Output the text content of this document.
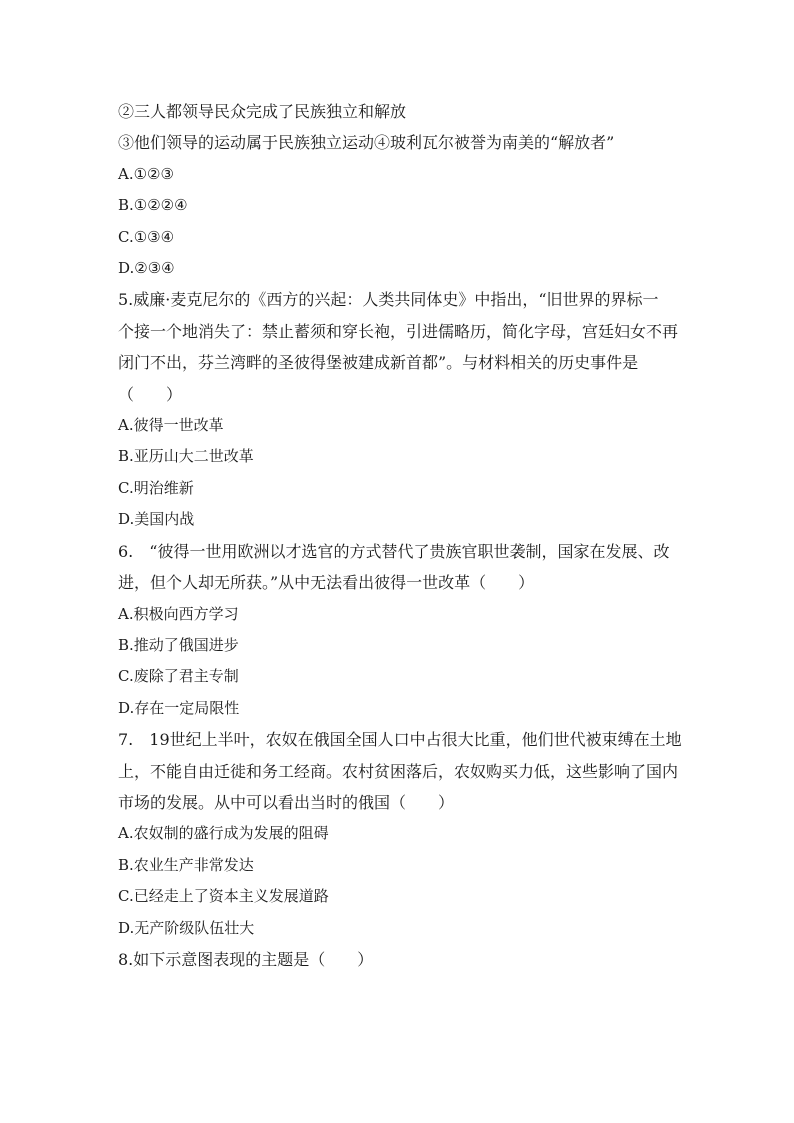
②三人都领导民众完成了民族独立和解放

③他们领导的运动属于民族独立运动④玻利瓦尔被誉为南美的“解放者”

A.①②③

B.①②②④

C.①③④

D.②③④

5.威廉·麦克尼尔的《西方的兴起：人类共同体史》中指出，“旧世界的界标一

个接一个地消失了：禁止蓄须和穿长袍，引进儒略历，简化字母，宫廷妇女不再

闭门不出，芬兰湾畔的圣彼得堡被建成新首都”。与材料相关的历史事件是

（　　）

A.彼得一世改革

B.亚历山大二世改革

C.明治维新

D.美国内战

6.　“彼得一世用欧洲以才选官的方式替代了贵族官职世袭制，国家在发展、改

进，但个人却无所获。”从中无法看出彼得一世改革（　　）

A.积极向西方学习

B.推动了俄国进步

C.废除了君主专制

D.存在一定局限性

7.　19世纪上半叶，农奴在俄国全国人口中占很大比重，他们世代被束缚在土地

上，不能自由迁徙和务工经商。农村贫困落后，农奴购买力低，这些影响了国内

市场的发展。从中可以看出当时的俄国（　　）

A.农奴制的盛行成为发展的阻碍

B.农业生产非常发达

C.已经走上了资本主义发展道路

D.无产阶级队伍壮大

8.如下示意图表现的主题是（　　）
